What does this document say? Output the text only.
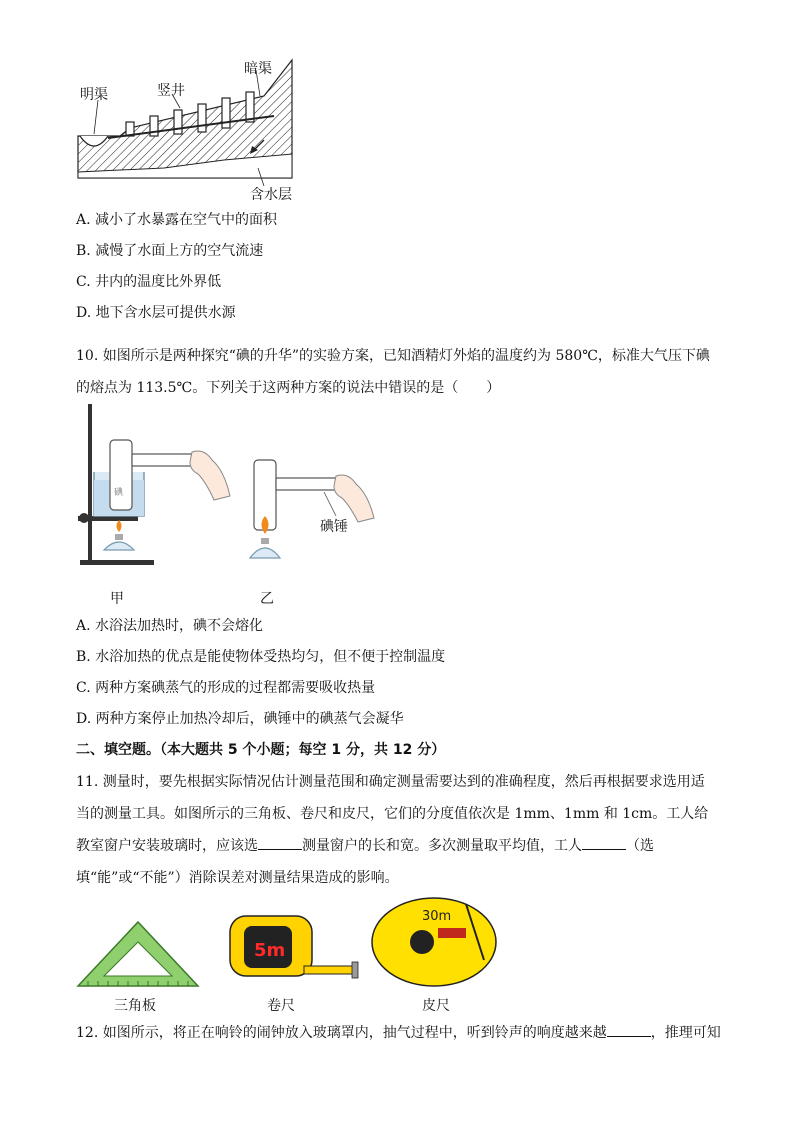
明渠	竖井
暗渠
含水层
A. 减小了水暴露在空气中的面积
B. 减慢了水面上方的空气流速
C. 井内的温度比外界低
D. 地下含水层可提供水源
10. 如图所示是两种探究“碘的升华”的实验方案，已知酒精灯外焰的温度约为 580℃，标准大气压下碘的熔点为 113.5℃。下列关于这两种方案的说法中错误的是（　　）
碘
碘锤
甲	乙
A. 水浴法加热时，碘不会熔化
B. 水浴加热的优点是能使物体受热均匀，但不便于控制温度
C. 两种方案碘蒸气的形成的过程都需要吸收热量
D. 两种方案停止加热冷却后，碘锤中的碘蒸气会凝华
二、填空题。（本大题共 5 个小题；每空 1 分，共 12 分）
11. 测量时，要先根据实际情况估计测量范围和确定测量需要达到的准确程度，然后再根据要求选用适当的测量工具。如图所示的三角板、卷尺和皮尺，它们的分度值依次是 1mm、1mm 和 1cm。工人给教室窗户安装玻璃时，应该选	测量窗户的长和宽。多次测量取平均值，工人	（选填“能”或“不能”）消除误差对测量结果造成的影响。
5m
30m
三角板	卷尺	皮尺
12. 如图所示，将正在响铃的闹钟放入玻璃罩内，抽气过程中，听到铃声的响度越来越	，推理可知
